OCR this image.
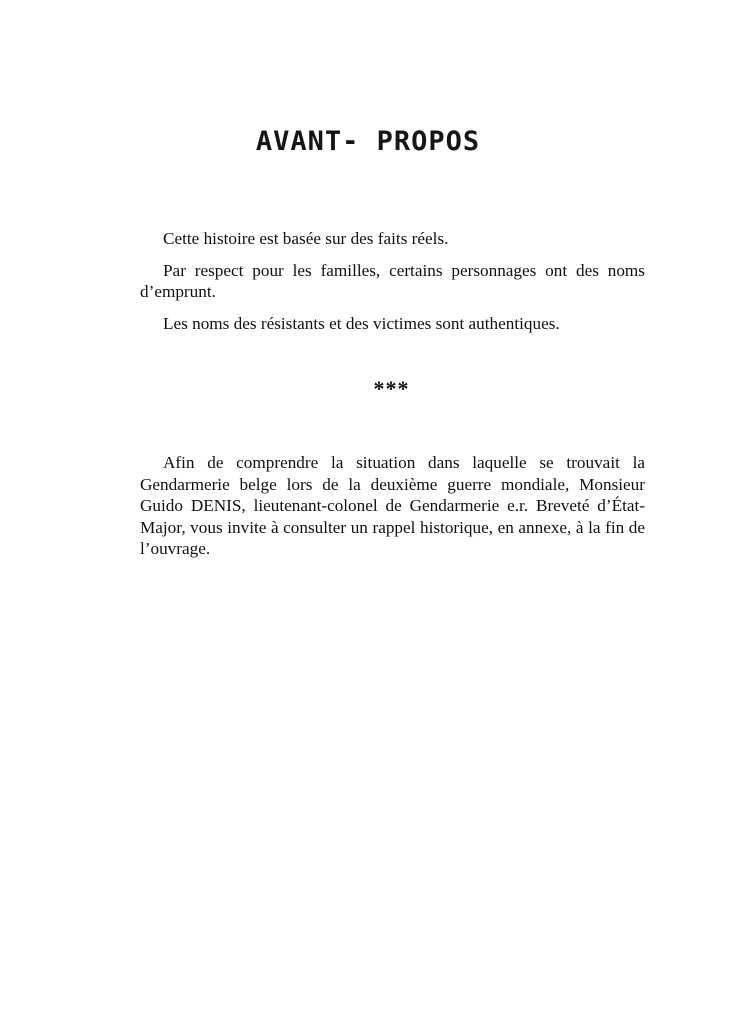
AVANT- PROPOS

Cette histoire est basée sur des faits réels.

Par respect pour les familles, certains personnages ont des noms d’emprunt.

Les noms des résistants et des victimes sont authentiques.

***

Afin de comprendre la situation dans laquelle se trouvait la Gendarmerie belge lors de la deuxième guerre mondiale, Monsieur Guido DENIS, lieutenant-colonel de Gendarmerie e.r. Breveté d’État-Major, vous invite à consulter un rappel historique, en annexe, à la fin de l’ouvrage.
